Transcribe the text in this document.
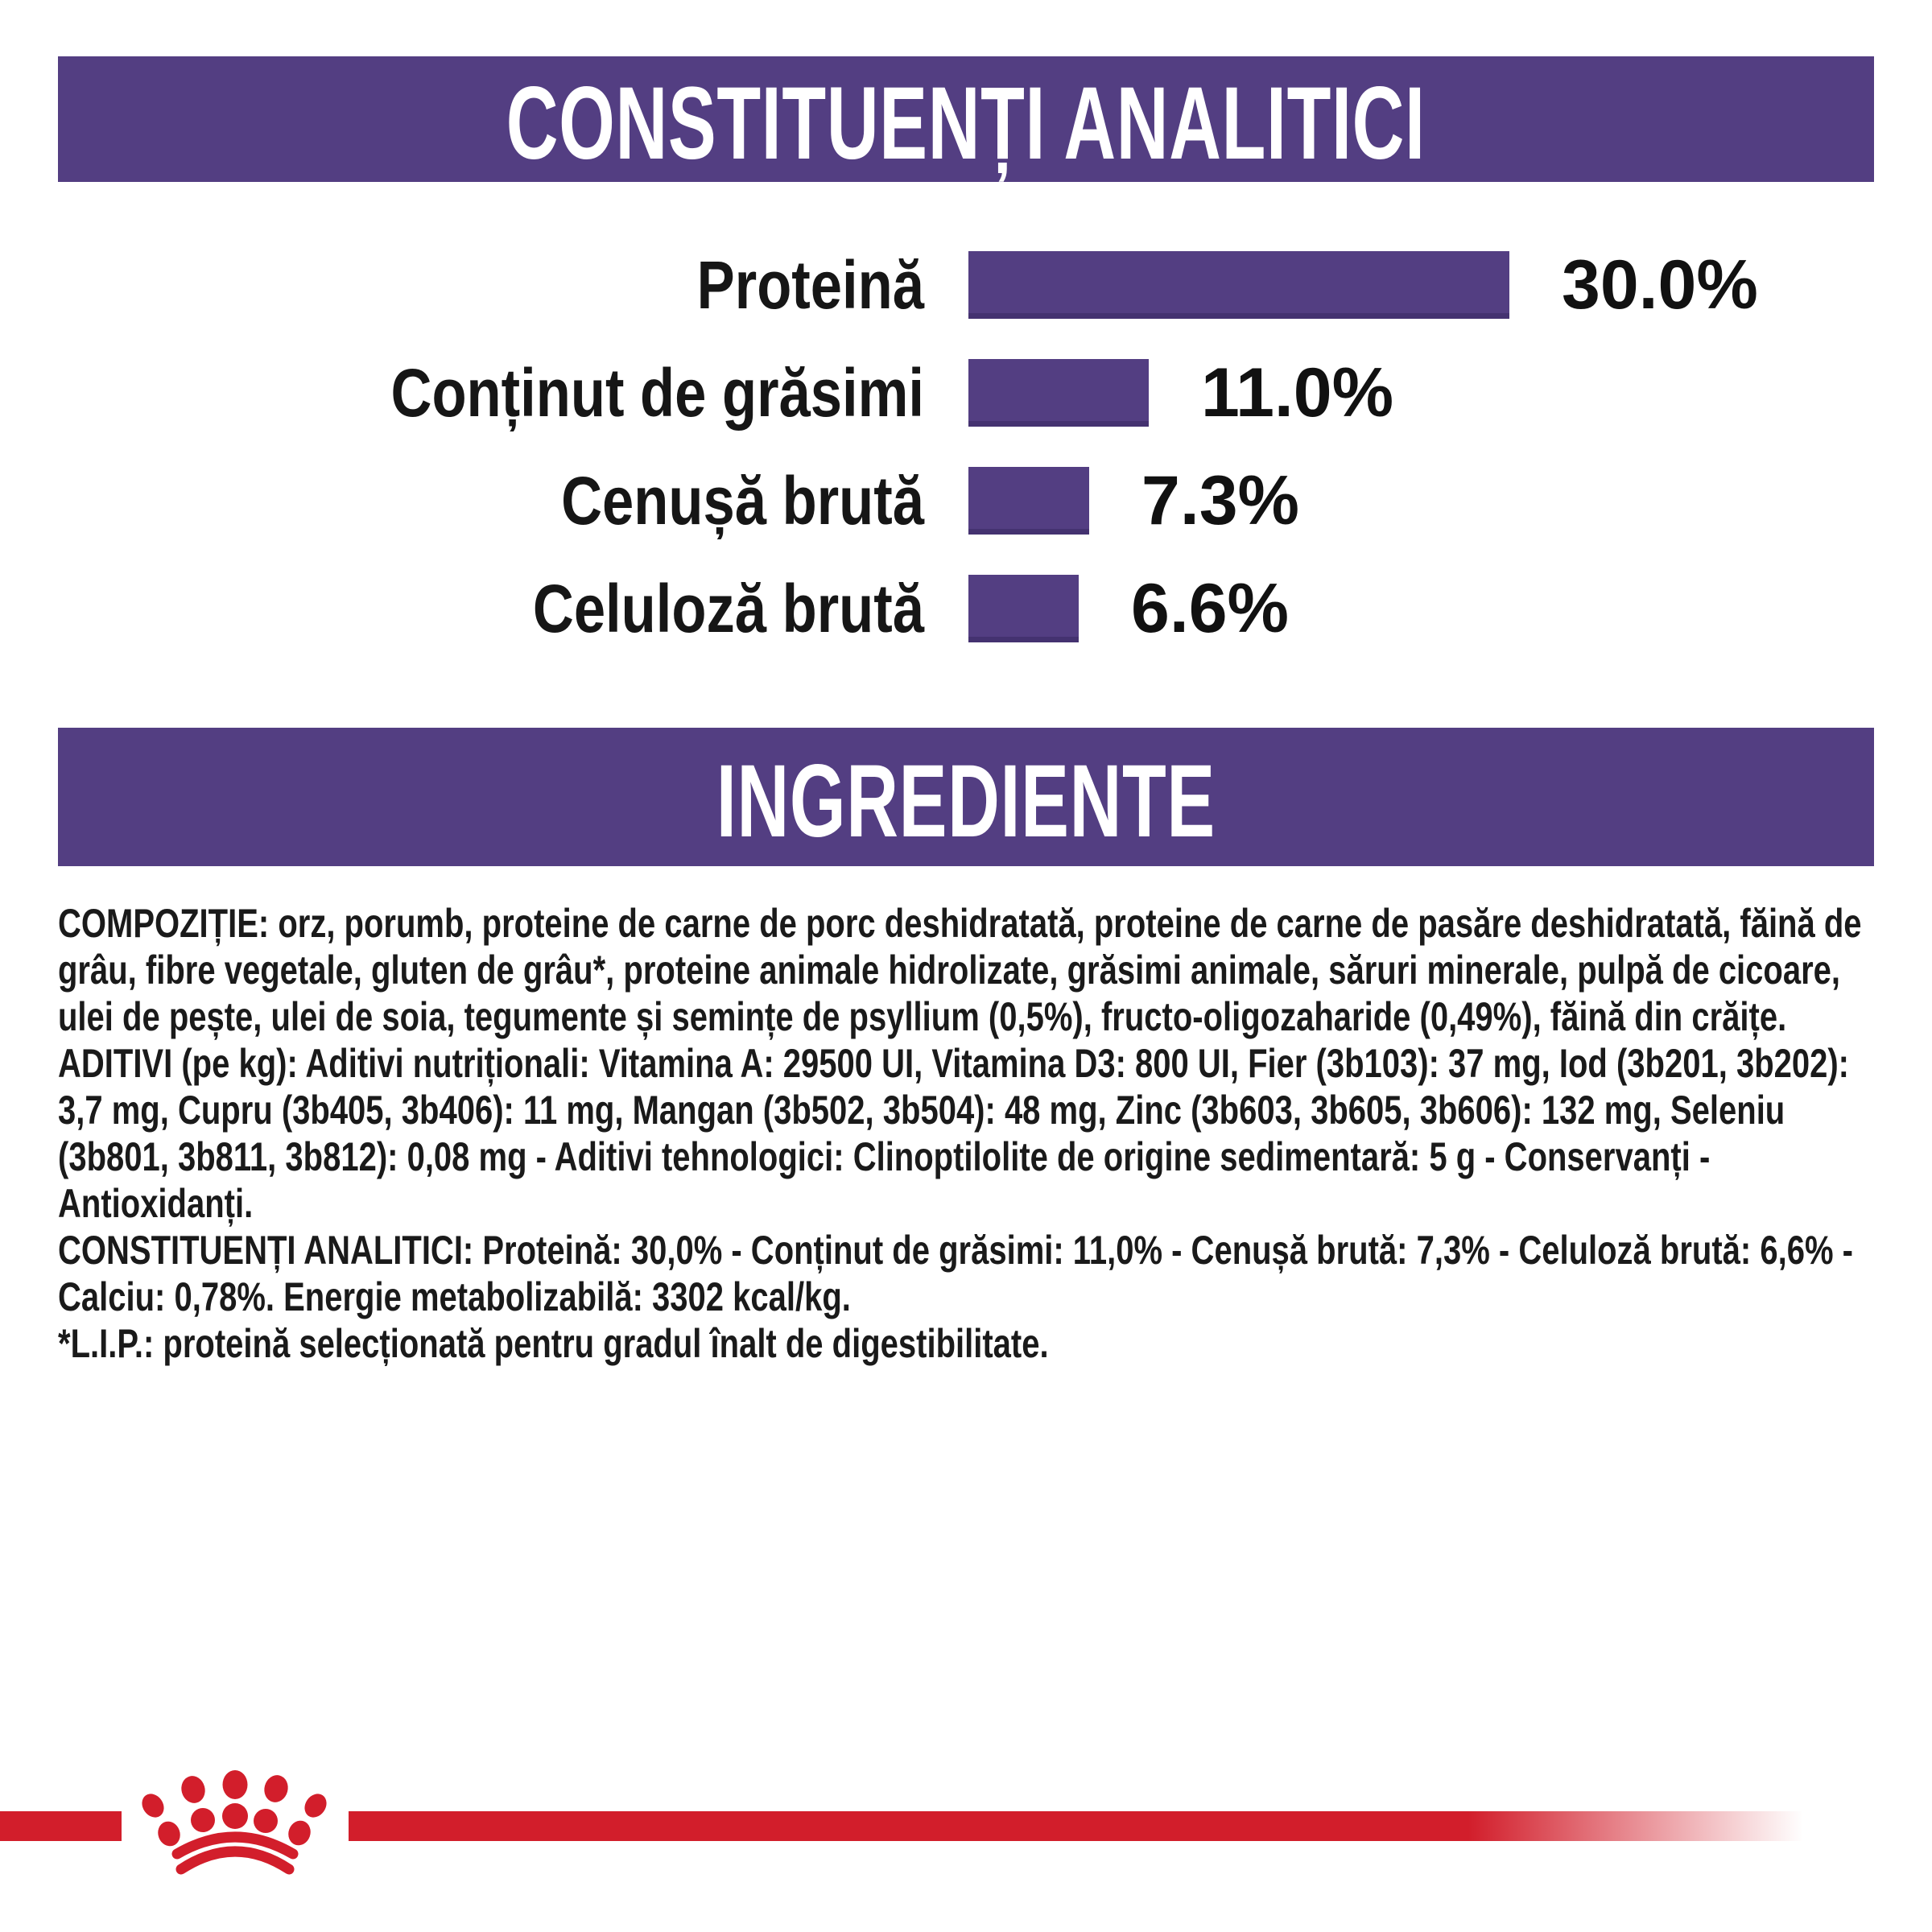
CONSTITUENȚI ANALITICI
Proteină	30.0%
Conținut de grăsimi	11.0%
Cenușă brută	7.3%
Celuloză brută	6.6%
INGREDIENTE

COMPOZIȚIE: orz, porumb, proteine de carne de porc deshidratată, proteine de carne de pasăre deshidratată, făină de grâu, fibre vegetale, gluten de grâu*, proteine animale hidrolizate, grăsimi animale, săruri minerale, pulpă de cicoare, ulei de pește, ulei de soia, tegumente și semințe de psyllium (0,5%), fructo-oligozaharide (0,49%), făină din crăițe.

ADITIVI (pe kg): Aditivi nutriționali: Vitamina A: 29500 UI, Vitamina D3: 800 UI, Fier (3b103): 37 mg, Iod (3b201, 3b202): 3,7 mg, Cupru (3b405, 3b406): 11 mg, Mangan (3b502, 3b504): 48 mg, Zinc (3b603, 3b605, 3b606): 132 mg, Seleniu (3b801, 3b811, 3b812): 0,08 mg - Aditivi tehnologici: Clinoptilolite de origine sedimentară: 5 g - Conservanți - Antioxidanți.

CONSTITUENȚI ANALITICI: Proteină: 30,0% - Conținut de grăsimi: 11,0% - Cenușă brută: 7,3% - Celuloză brută: 6,6% - Calciu: 0,78%. Energie metabolizabilă: 3302 kcal/kg.

*L.I.P.: proteină selecționată pentru gradul înalt de digestibilitate.
